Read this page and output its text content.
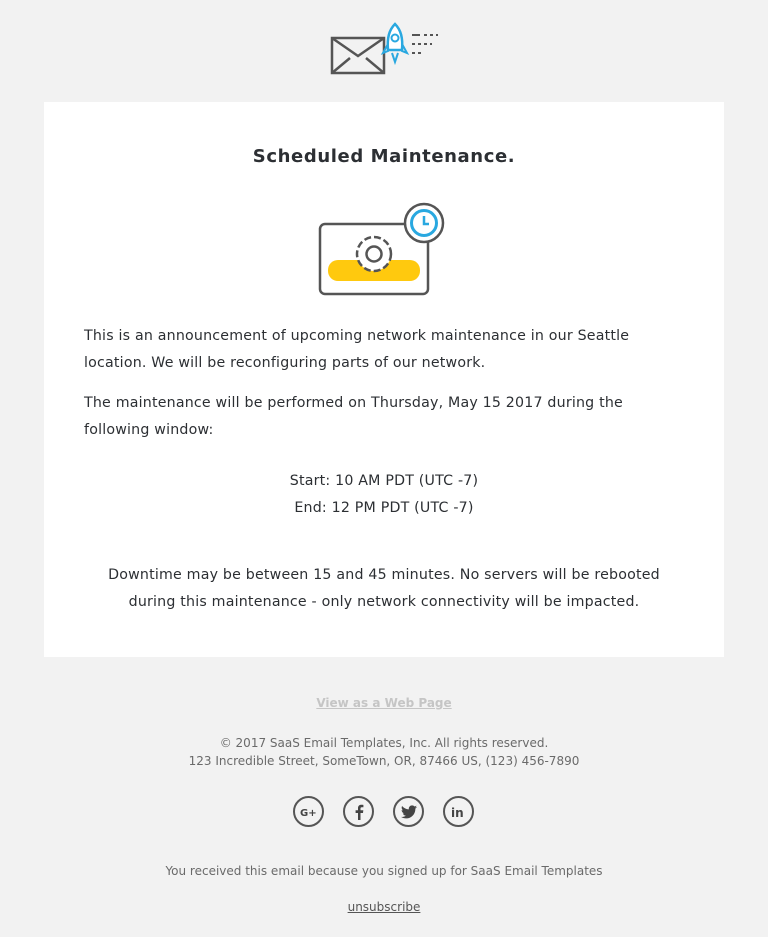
Scheduled Maintenance.

This is an announcement of upcoming network maintenance in our Seattle location. We will be reconfiguring parts of our network.

The maintenance will be performed on Thursday, May 15 2017 during the following window:

Start: 10 AM PDT (UTC -7)
End: 12 PM PDT (UTC -7)

Downtime may be between 15 and 45 minutes. No servers will be rebooted during this maintenance - only network connectivity will be impacted.

View as a Web Page
© 2017 SaaS Email Templates, Inc. All rights reserved.
123 Incredible Street, SomeTown, OR, 87466 US, (123) 456-7890
G+	in
You received this email because you signed up for SaaS Email Templates
unsubscribe
